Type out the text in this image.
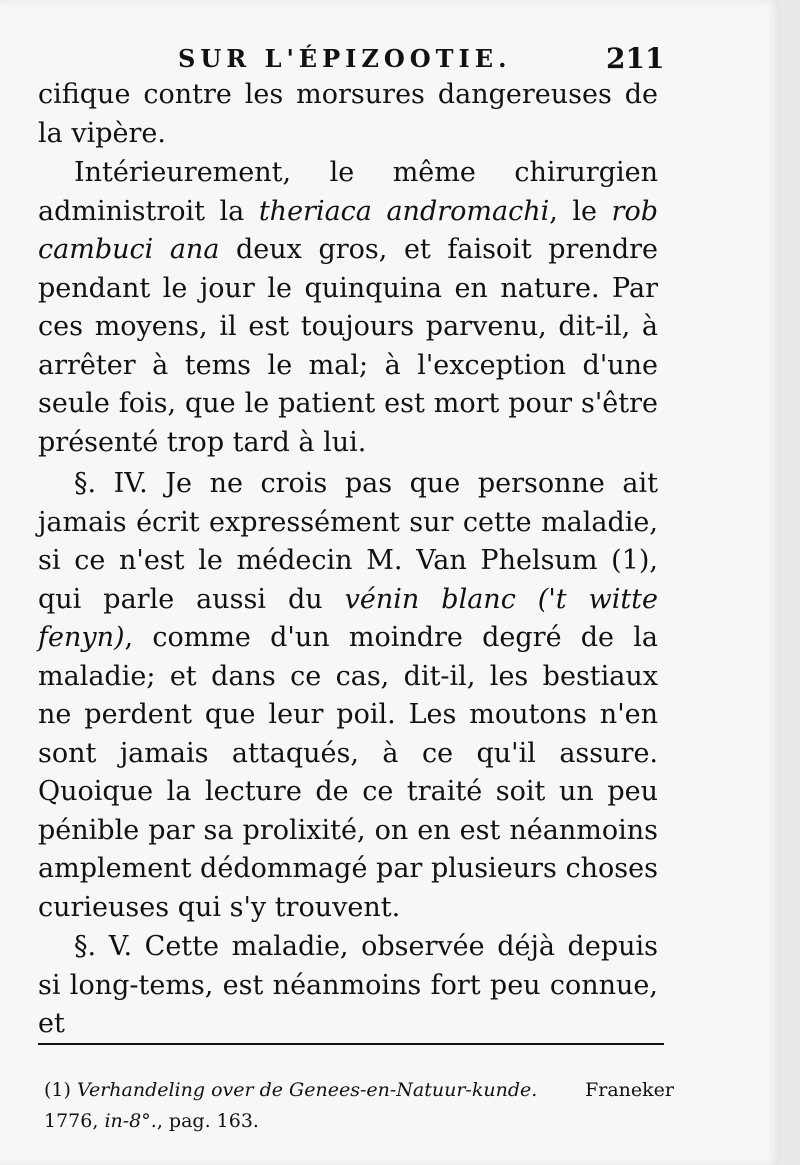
SUR L'ÉPIZOOTIE.	211

cifique contre les morsures dangereuses de la vipère.

Intérieurement, le même chirurgien administroit la theriaca andromachi, le rob cambuci ana deux gros, et faisoit prendre pendant le jour le quinquina en nature. Par ces moyens, il est toujours parvenu, dit-il, à arrêter à tems le mal; à l'exception d'une seule fois, que le patient est mort pour s'être présenté trop tard à lui.

§. IV. Je ne crois pas que personne ait jamais écrit expressément sur cette maladie, si ce n'est le médecin M. Van Phelsum (1), qui parle aussi du vénin blanc ('t witte fenyn), comme d'un moindre degré de la maladie; et dans ce cas, dit-il, les bestiaux ne perdent que leur poil. Les moutons n'en sont jamais attaqués, à ce qu'il assure. Quoique la lecture de ce traité soit un peu pénible par sa prolixité, on en est néanmoins amplement dédommagé par plusieurs choses curieuses qui s'y trouvent.

§. V. Cette maladie, observée déjà depuis si long-tems, est néanmoins fort peu connue, et

(1) Verhandeling over de Genees-en-Natuur-kunde.	Franeker
1776, in-8°., pag. 163.
